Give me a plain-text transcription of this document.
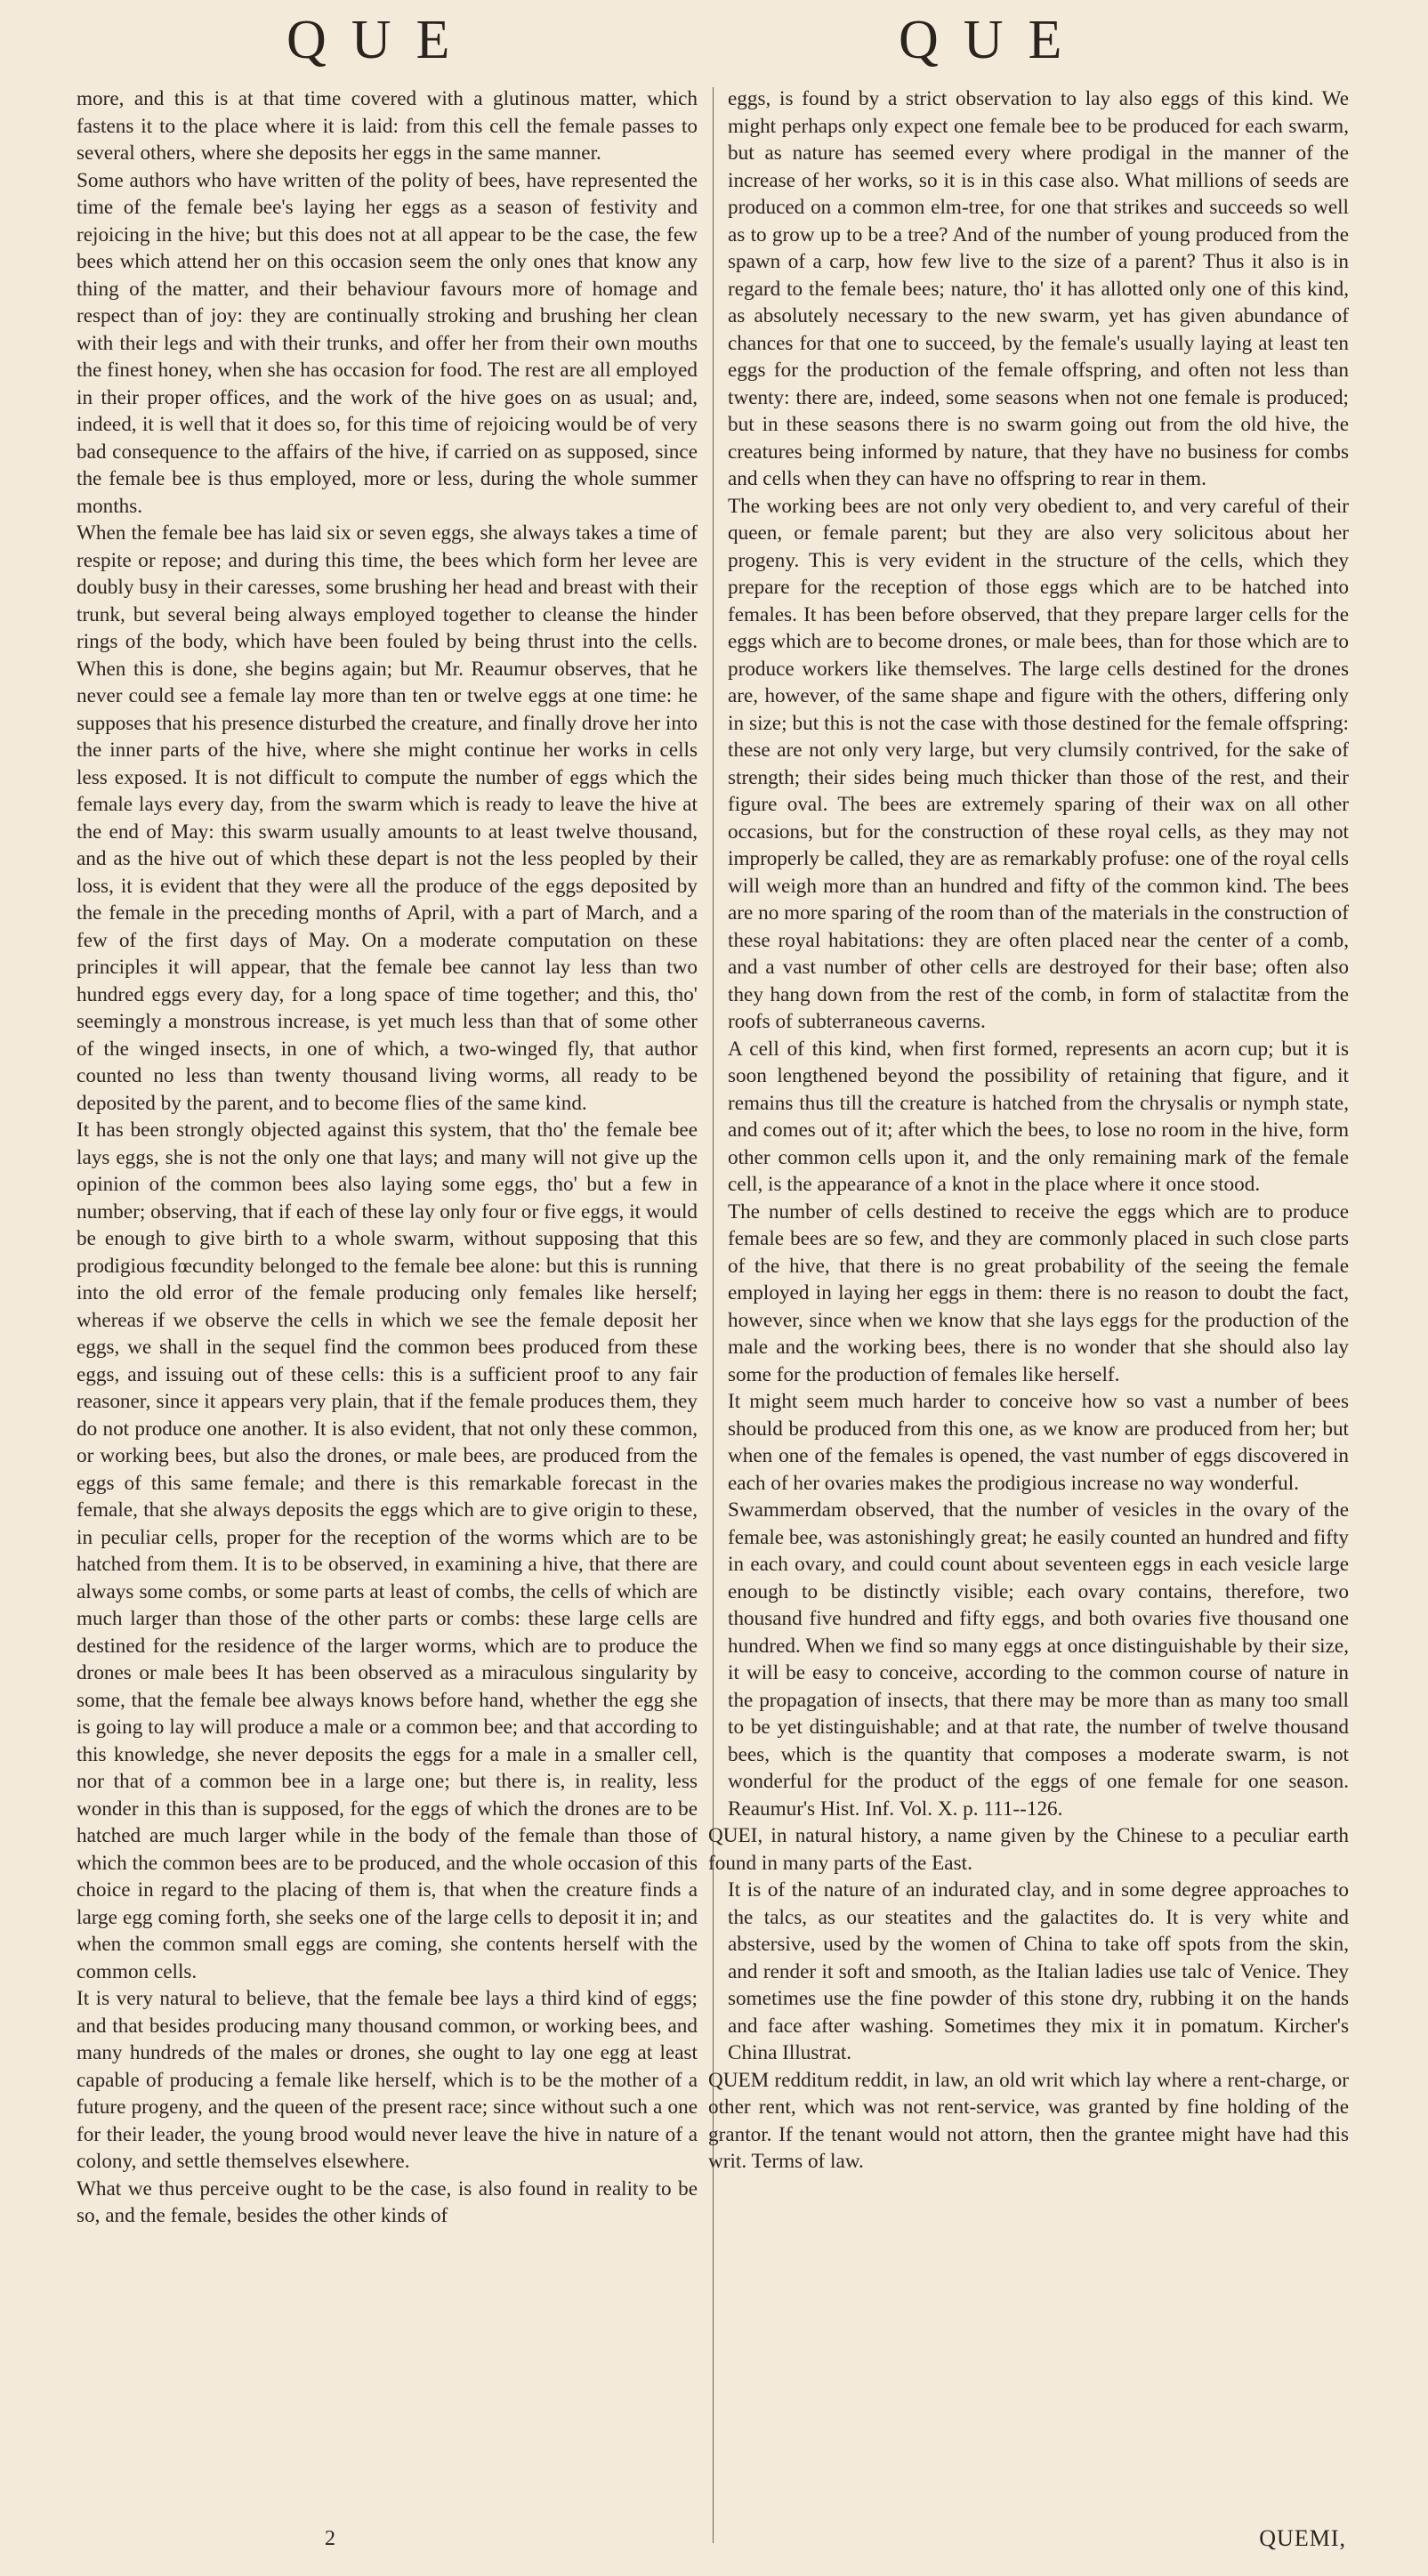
QUE	QUE

more, and this is at that time covered with a glutinous matter, which fastens it to the place where it is laid: from this cell the female passes to several others, where she deposits her eggs in the same manner.

Some authors who have written of the polity of bees, have represented the time of the female bee's laying her eggs as a season of festivity and rejoicing in the hive; but this does not at all appear to be the case, the few bees which attend her on this occasion seem the only ones that know any thing of the matter, and their behaviour favours more of homage and respect than of joy: they are continually stroking and brushing her clean with their legs and with their trunks, and offer her from their own mouths the finest honey, when she has occasion for food. The rest are all employed in their proper offices, and the work of the hive goes on as usual; and, indeed, it is well that it does so, for this time of rejoicing would be of very bad consequence to the affairs of the hive, if carried on as supposed, since the female bee is thus employed, more or less, during the whole summer months.

When the female bee has laid six or seven eggs, she always takes a time of respite or repose; and during this time, the bees which form her levee are doubly busy in their caresses, some brushing her head and breast with their trunk, but several being always employed together to cleanse the hinder rings of the body, which have been fouled by being thrust into the cells. When this is done, she begins again; but Mr. Reaumur observes, that he never could see a female lay more than ten or twelve eggs at one time: he supposes that his presence disturbed the creature, and finally drove her into the inner parts of the hive, where she might continue her works in cells less exposed. It is not difficult to compute the number of eggs which the female lays every day, from the swarm which is ready to leave the hive at the end of May: this swarm usually amounts to at least twelve thousand, and as the hive out of which these depart is not the less peopled by their loss, it is evident that they were all the produce of the eggs deposited by the female in the preceding months of April, with a part of March, and a few of the first days of May. On a moderate computation on these principles it will appear, that the female bee cannot lay less than two hundred eggs every day, for a long space of time together; and this, tho' seemingly a monstrous increase, is yet much less than that of some other of the winged insects, in one of which, a two-winged fly, that author counted no less than twenty thousand living worms, all ready to be deposited by the parent, and to become flies of the same kind.

It has been strongly objected against this system, that tho' the female bee lays eggs, she is not the only one that lays; and many will not give up the opinion of the common bees also laying some eggs, tho' but a few in number; observing, that if each of these lay only four or five eggs, it would be enough to give birth to a whole swarm, without supposing that this prodigious fœcundity belonged to the female bee alone: but this is running into the old error of the female producing only females like herself; whereas if we observe the cells in which we see the female deposit her eggs, we shall in the sequel find the common bees produced from these eggs, and issuing out of these cells: this is a sufficient proof to any fair reasoner, since it appears very plain, that if the female produces them, they do not produce one another. It is also evident, that not only these common, or working bees, but also the drones, or male bees, are produced from the eggs of this same female; and there is this remarkable forecast in the female, that she always deposits the eggs which are to give origin to these, in peculiar cells, proper for the reception of the worms which are to be hatched from them. It is to be observed, in examining a hive, that there are always some combs, or some parts at least of combs, the cells of which are much larger than those of the other parts or combs: these large cells are destined for the residence of the larger worms, which are to produce the drones or male bees It has been observed as a miraculous singularity by some, that the female bee always knows before hand, whether the egg she is going to lay will produce a male or a common bee; and that according to this knowledge, she never deposits the eggs for a male in a smaller cell, nor that of a common bee in a large one; but there is, in reality, less wonder in this than is supposed, for the eggs of which the drones are to be hatched are much larger while in the body of the female than those of which the common bees are to be produced, and the whole occasion of this choice in regard to the placing of them is, that when the creature finds a large egg coming forth, she seeks one of the large cells to deposit it in; and when the common small eggs are coming, she contents herself with the common cells.

It is very natural to believe, that the female bee lays a third kind of eggs; and that besides producing many thousand common, or working bees, and many hundreds of the males or drones, she ought to lay one egg at least capable of producing a female like herself, which is to be the mother of a future progeny, and the queen of the present race; since without such a one for their leader, the young brood would never leave the hive in nature of a colony, and settle themselves elsewhere.

What we thus perceive ought to be the case, is also found in reality to be so, and the female, besides the other kinds of

eggs, is found by a strict observation to lay also eggs of this kind. We might perhaps only expect one female bee to be produced for each swarm, but as nature has seemed every where prodigal in the manner of the increase of her works, so it is in this case also. What millions of seeds are produced on a common elm-tree, for one that strikes and succeeds so well as to grow up to be a tree? And of the number of young produced from the spawn of a carp, how few live to the size of a parent? Thus it also is in regard to the female bees; nature, tho' it has allotted only one of this kind, as absolutely necessary to the new swarm, yet has given abundance of chances for that one to succeed, by the female's usually laying at least ten eggs for the production of the female offspring, and often not less than twenty: there are, indeed, some seasons when not one female is produced; but in these seasons there is no swarm going out from the old hive, the creatures being informed by nature, that they have no business for combs and cells when they can have no offspring to rear in them.

The working bees are not only very obedient to, and very careful of their queen, or female parent; but they are also very solicitous about her progeny. This is very evident in the structure of the cells, which they prepare for the reception of those eggs which are to be hatched into females. It has been before observed, that they prepare larger cells for the eggs which are to become drones, or male bees, than for those which are to produce workers like themselves. The large cells destined for the drones are, however, of the same shape and figure with the others, differing only in size; but this is not the case with those destined for the female offspring: these are not only very large, but very clumsily contrived, for the sake of strength; their sides being much thicker than those of the rest, and their figure oval. The bees are extremely sparing of their wax on all other occasions, but for the construction of these royal cells, as they may not improperly be called, they are as remarkably profuse: one of the royal cells will weigh more than an hundred and fifty of the common kind. The bees are no more sparing of the room than of the materials in the construction of these royal habitations: they are often placed near the center of a comb, and a vast number of other cells are destroyed for their base; often also they hang down from the rest of the comb, in form of stalactitæ from the roofs of subterraneous caverns.

A cell of this kind, when first formed, represents an acorn cup; but it is soon lengthened beyond the possibility of retaining that figure, and it remains thus till the creature is hatched from the chrysalis or nymph state, and comes out of it; after which the bees, to lose no room in the hive, form other common cells upon it, and the only remaining mark of the female cell, is the appearance of a knot in the place where it once stood.

The number of cells destined to receive the eggs which are to produce female bees are so few, and they are commonly placed in such close parts of the hive, that there is no great probability of the seeing the female employed in laying her eggs in them: there is no reason to doubt the fact, however, since when we know that she lays eggs for the production of the male and the working bees, there is no wonder that she should also lay some for the production of females like herself.

It might seem much harder to conceive how so vast a number of bees should be produced from this one, as we know are produced from her; but when one of the females is opened, the vast number of eggs discovered in each of her ovaries makes the prodigious increase no way wonderful.

Swammerdam observed, that the number of vesicles in the ovary of the female bee, was astonishingly great; he easily counted an hundred and fifty in each ovary, and could count about seventeen eggs in each vesicle large enough to be distinctly visible; each ovary contains, therefore, two thousand five hundred and fifty eggs, and both ovaries five thousand one hundred. When we find so many eggs at once distinguishable by their size, it will be easy to conceive, according to the common course of nature in the propagation of insects, that there may be more than as many too small to be yet distinguishable; and at that rate, the number of twelve thousand bees, which is the quantity that composes a moderate swarm, is not wonderful for the product of the eggs of one female for one season. Reaumur's Hist. Inf. Vol. X. p. 111--126.

QUEI, in natural history, a name given by the Chinese to a peculiar earth found in many parts of the East.

It is of the nature of an indurated clay, and in some degree approaches to the talcs, as our steatites and the galactites do. It is very white and abstersive, used by the women of China to take off spots from the skin, and render it soft and smooth, as the Italian ladies use talc of Venice. They sometimes use the fine powder of this stone dry, rubbing it on the hands and face after washing. Sometimes they mix it in pomatum. Kircher's China Illustrat.

QUEM redditum reddit, in law, an old writ which lay where a rent-charge, or other rent, which was not rent-service, was granted by fine holding of the grantor. If the tenant would not attorn, then the grantee might have had this writ. Terms of law.

2	QUEMI,
